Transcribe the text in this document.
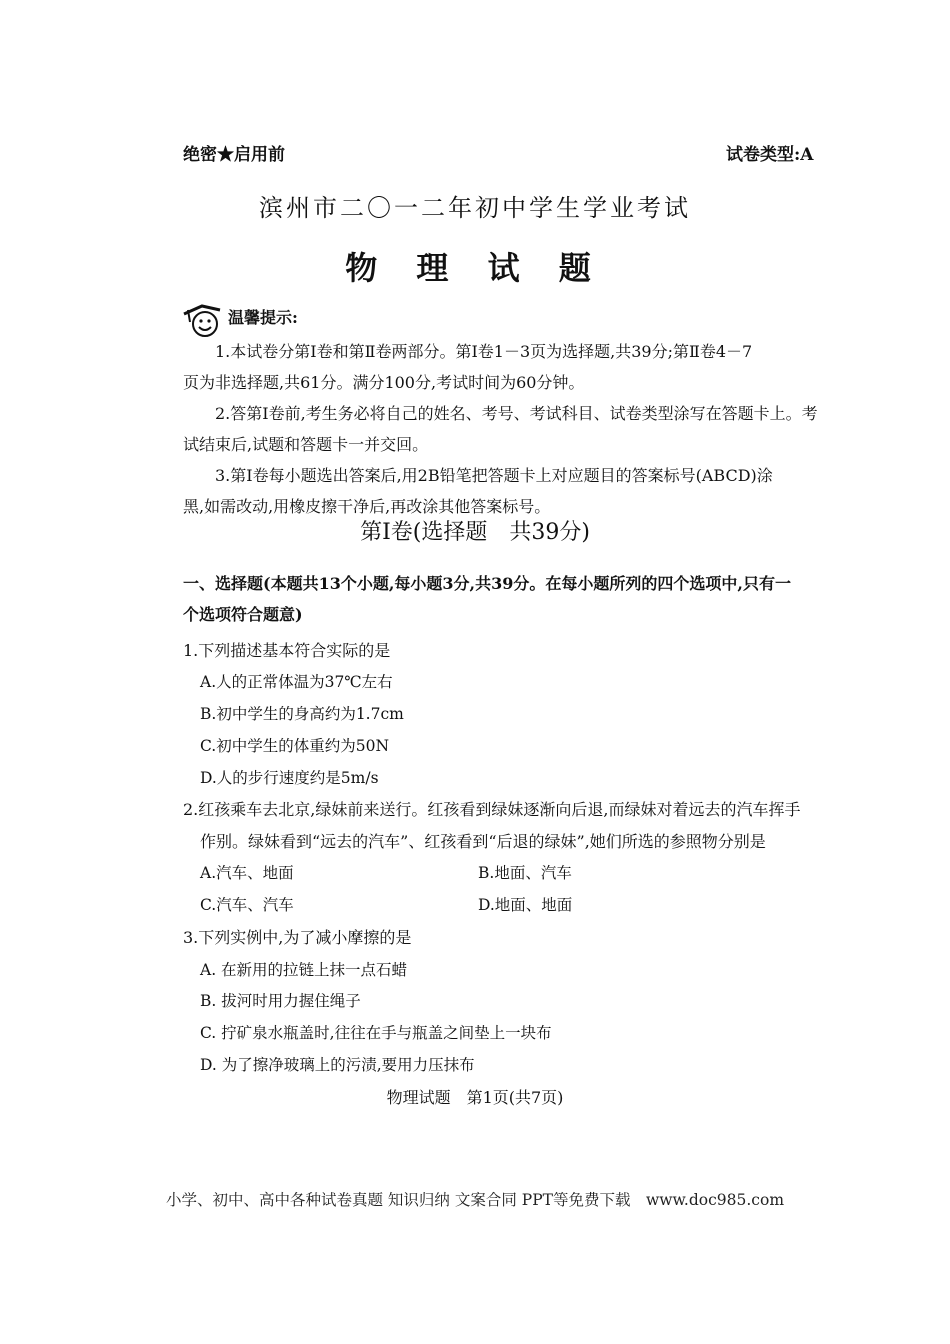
绝密★启用前	试卷类型:A
滨州市二〇一二年初中学生学业考试
物 理 试 题
温馨提示:
1.本试卷分第Ⅰ卷和第Ⅱ卷两部分。第Ⅰ卷1－3页为选择题,共39分;第Ⅱ卷4－7
页为非选择题,共61分。满分100分,考试时间为60分钟。
2.答第Ⅰ卷前,考生务必将自己的姓名、考号、考试科目、试卷类型涂写在答题卡上。考
试结束后,试题和答题卡一并交回。
3.第Ⅰ卷每小题选出答案后,用2B铅笔把答题卡上对应题目的答案标号(ABCD)涂
黑,如需改动,用橡皮擦干净后,再改涂其他答案标号。
第Ⅰ卷(选择题　共39分)
一、选择题(本题共13个小题,每小题3分,共39分。在每小题所列的四个选项中,只有一
个选项符合题意)
1.下列描述基本符合实际的是
A.人的正常体温为37℃左右
B.初中学生的身高约为1.7cm
C.初中学生的体重约为50N
D.人的步行速度约是5m/s
2.红孩乘车去北京,绿妹前来送行。红孩看到绿妹逐渐向后退,而绿妹对着远去的汽车挥手
作别。绿妹看到“远去的汽车”、红孩看到“后退的绿妹”,她们所选的参照物分别是
A.汽车、地面	B.地面、汽车
C.汽车、汽车	D.地面、地面
3.下列实例中,为了减小摩擦的是
A. 在新用的拉链上抹一点石蜡
B. 拔河时用力握住绳子
C. 拧矿泉水瓶盖时,往往在手与瓶盖之间垫上一块布
D. 为了擦净玻璃上的污渍,要用力压抹布
物理试题　第1页(共7页)
小学、初中、高中各种试卷真题 知识归纳 文案合同 PPT等免费下载　www.doc985.com
